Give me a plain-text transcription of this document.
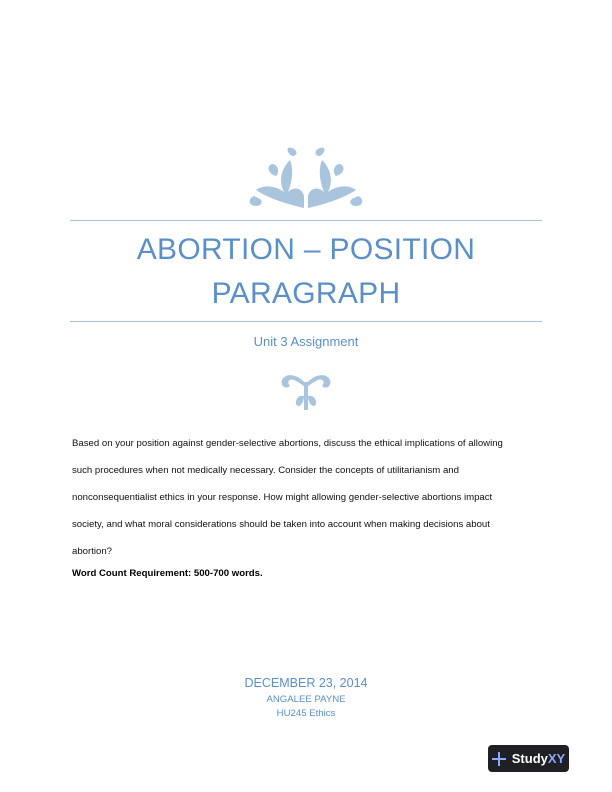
ABORTION – POSITION
PARAGRAPH
Unit 3 Assignment
Based on your position against gender-selective abortions, discuss the ethical implications of allowing
such procedures when not medically necessary. Consider the concepts of utilitarianism and
nonconsequentialist ethics in your response. How might allowing gender-selective abortions impact
society, and what moral considerations should be taken into account when making decisions about
abortion?
Word Count Requirement: 500-700 words.
DECEMBER 23, 2014
ANGALEE PAYNE
HU245 Ethics
Study XY
